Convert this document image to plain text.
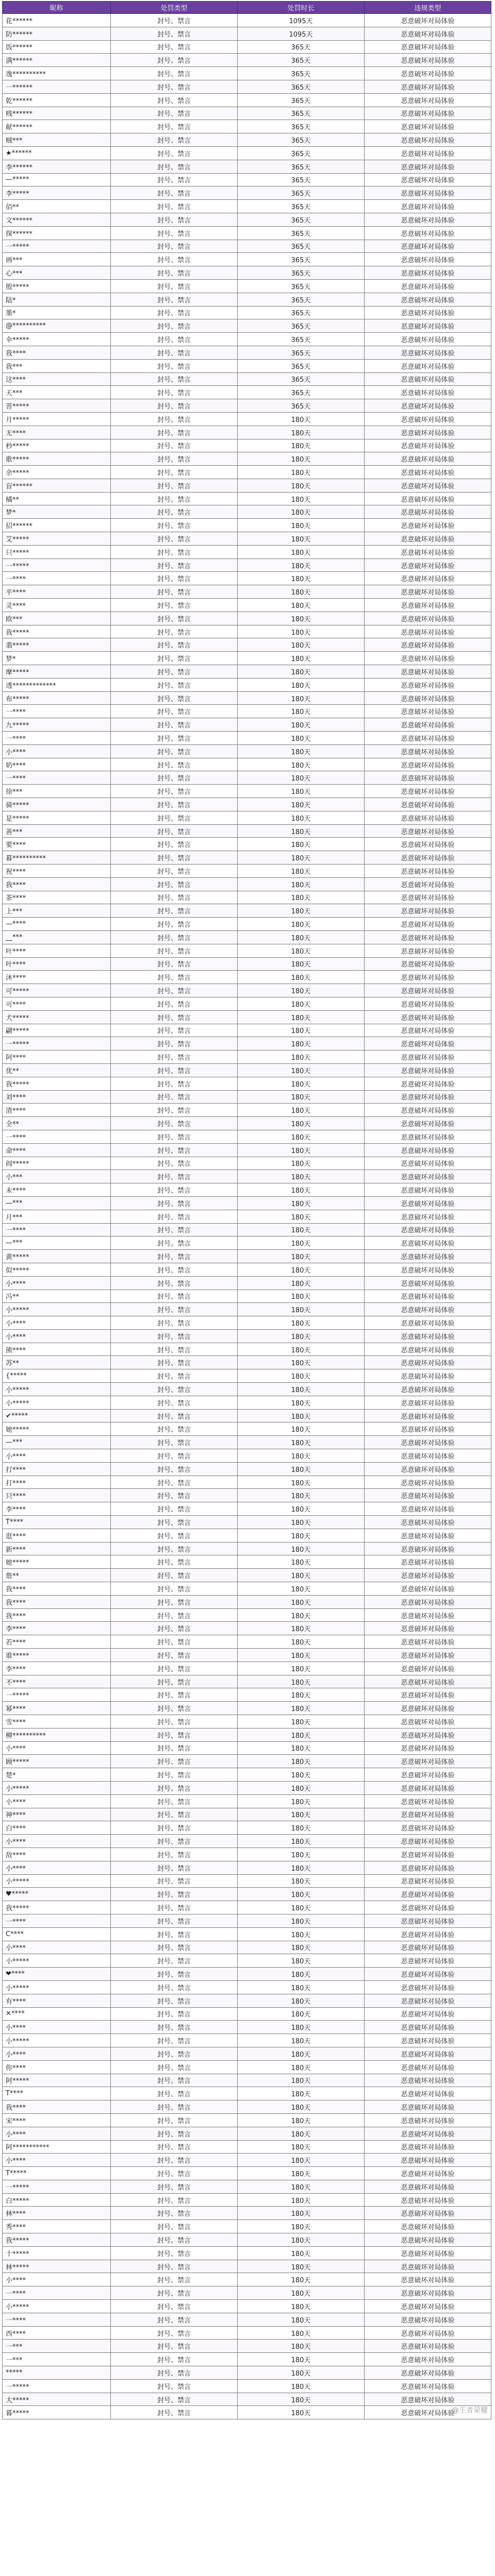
昵称	处罚类型	处罚时长	违规类型
花******	封号、禁言	1095天	恶意破坏对局体验
防******	封号、禁言	1095天	恶意破坏对局体验
饭******	封号、禁言	365天	恶意破坏对局体验
满******	封号、禁言	365天	恶意破坏对局体验
逸**********	封号、禁言	365天	恶意破坏对局体验
一******	封号、禁言	365天	恶意破坏对局体验
乾******	封号、禁言	365天	恶意破坏对局体验
贱******	封号、禁言	365天	恶意破坏对局体验
献******	封号、禁言	365天	恶意破坏对局体验
贼***	封号、禁言	365天	恶意破坏对局体验
★******	封号、禁言	365天	恶意破坏对局体验
李******	封号、禁言	365天	恶意破坏对局体验
—*****	封号、禁言	365天	恶意破坏对局体验
李*****	封号、禁言	365天	恶意破坏对局体验
佰**	封号、禁言	365天	恶意破坏对局体验
文******	封号、禁言	365天	恶意破坏对局体验
探******	封号、禁言	365天	恶意破坏对局体验
一*****	封号、禁言	365天	恶意破坏对局体验
画***	封号、禁言	365天	恶意破坏对局体验
心***	封号、禁言	365天	恶意破坏对局体验
殷*****	封号、禁言	365天	恶意破坏对局体验
陆*	封号、禁言	365天	恶意破坏对局体验
墨*	封号、禁言	365天	恶意破坏对局体验
@**********	封号、禁言	365天	恶意破坏对局体验
伞*****	封号、禁言	365天	恶意破坏对局体验
我****	封号、禁言	365天	恶意破坏对局体验
我***	封号、禁言	365天	恶意破坏对局体验
这****	封号、禁言	365天	恶意破坏对局体验
天***	封号、禁言	365天	恶意破坏对局体验
菩*****	封号、禁言	365天	恶意破坏对局体验
月*****	封号、禁言	180天	恶意破坏对局体验
无****	封号、禁言	180天	恶意破坏对局体验
秒*****	封号、禁言	180天	恶意破坏对局体验
歌*****	封号、禁言	180天	恶意破坏对局体验
余*****	封号、禁言	180天	恶意破坏对局体验
盲******	封号、禁言	180天	恶意破坏对局体验
橘**	封号、禁言	180天	恶意破坏对局体验
梦*	封号、禁言	180天	恶意破坏对局体验
招******	封号、禁言	180天	恶意破坏对局体验
艾*****	封号、禁言	180天	恶意破坏对局体验
只*****	封号、禁言	180天	恶意破坏对局体验
一*****	封号、禁言	180天	恶意破坏对局体验
一****	封号、禁言	180天	恶意破坏对局体验
平****	封号、禁言	180天	恶意破坏对局体验
灵****	封号、禁言	180天	恶意破坏对局体验
欧***	封号、禁言	180天	恶意破坏对局体验
我*****	封号、禁言	180天	恶意破坏对局体验
翡*****	封号、禁言	180天	恶意破坏对局体验
梦*	封号、禁言	180天	恶意破坏对局体验
摩*****	封号、禁言	180天	恶意破坏对局体验
透*************	封号、禁言	180天	恶意破坏对局体验
布*****	封号、禁言	180天	恶意破坏对局体验
一****	封号、禁言	180天	恶意破坏对局体验
九*****	封号、禁言	180天	恶意破坏对局体验
一****	封号、禁言	180天	恶意破坏对局体验
小****	封号、禁言	180天	恶意破坏对局体验
奶****	封号、禁言	180天	恶意破坏对局体验
一****	封号、禁言	180天	恶意破坏对局体验
徐***	封号、禁言	180天	恶意破坏对局体验
骑*****	封号、禁言	180天	恶意破坏对局体验
是*****	封号、禁言	180天	恶意破坏对局体验
善***	封号、禁言	180天	恶意破坏对局体验
要****	封号、禁言	180天	恶意破坏对局体验
暮**********	封号、禁言	180天	恶意破坏对局体验
祝****	封号、禁言	180天	恶意破坏对局体验
我****	封号、禁言	180天	恶意破坏对局体验
茶****	封号、禁言	180天	恶意破坏对局体验
上***	封号、禁言	180天	恶意破坏对局体验
—****	封号、禁言	180天	恶意破坏对局体验
__***	封号、禁言	180天	恶意破坏对局体验
叶****	封号、禁言	180天	恶意破坏对局体验
叶****	封号、禁言	180天	恶意破坏对局体验
沐****	封号、禁言	180天	恶意破坏对局体验
可*****	封号、禁言	180天	恶意破坏对局体验
可****	封号、禁言	180天	恶意破坏对局体验
犬*****	封号、禁言	180天	恶意破坏对局体验
翩*****	封号、禁言	180天	恶意破坏对局体验
一*****	封号、禁言	180天	恶意破坏对局体验
阿****	封号、禁言	180天	恶意破坏对局体验
优**	封号、禁言	180天	恶意破坏对局体验
我*****	封号、禁言	180天	恶意破坏对局体验
刘****	封号、禁言	180天	恶意破坏对局体验
渣****	封号、禁言	180天	恶意破坏对局体验
全**	封号、禁言	180天	恶意破坏对局体验
一****	封号、禁言	180天	恶意破坏对局体验
命****	封号、禁言	180天	恶意破坏对局体验
阎*****	封号、禁言	180天	恶意破坏对局体验
小***	封号、禁言	180天	恶意破坏对局体验
未****	封号、禁言	180天	恶意破坏对局体验
—***	封号、禁言	180天	恶意破坏对局体验
月***	封号、禁言	180天	恶意破坏对局体验
一****	封号、禁言	180天	恶意破坏对局体验
—***	封号、禁言	180天	恶意破坏对局体验
黄*****	封号、禁言	180天	恶意破坏对局体验
似*****	封号、禁言	180天	恶意破坏对局体验
小****	封号、禁言	180天	恶意破坏对局体验
冯**	封号、禁言	180天	恶意破坏对局体验
小*****	封号、禁言	180天	恶意破坏对局体验
小****	封号、禁言	180天	恶意破坏对局体验
小****	封号、禁言	180天	恶意破坏对局体验
熊****	封号、禁言	180天	恶意破坏对局体验
苏**	封号、禁言	180天	恶意破坏对局体验
{*****	封号、禁言	180天	恶意破坏对局体验
小*****	封号、禁言	180天	恶意破坏对局体验
小*****	封号、禁言	180天	恶意破坏对局体验
✔*****	封号、禁言	180天	恶意破坏对局体验
她*****	封号、禁言	180天	恶意破坏对局体验
—***	封号、禁言	180天	恶意破坏对局体验
小****	封号、禁言	180天	恶意破坏对局体验
打****	封号、禁言	180天	恶意破坏对局体验
打****	封号、禁言	180天	恶意破坏对局体验
只****	封号、禁言	180天	恶意破坏对局体验
李****	封号、禁言	180天	恶意破坏对局体验
T****	封号、禁言	180天	恶意破坏对局体验
逛****	封号、禁言	180天	恶意破坏对局体验
新****	封号、禁言	180天	恶意破坏对局体验
她*****	封号、禁言	180天	恶意破坏对局体验
詹**	封号、禁言	180天	恶意破坏对局体验
我****	封号、禁言	180天	恶意破坏对局体验
我****	封号、禁言	180天	恶意破坏对局体验
我****	封号、禁言	180天	恶意破坏对局体验
李****	封号、禁言	180天	恶意破坏对局体验
若****	封号、禁言	180天	恶意破坏对局体验
谁*****	封号、禁言	180天	恶意破坏对局体验
李****	封号、禁言	180天	恶意破坏对局体验
不****	封号、禁言	180天	恶意破坏对局体验
一*****	封号、禁言	180天	恶意破坏对局体验
幂****	封号、禁言	180天	恶意破坏对局体验
雪****	封号、禁言	180天	恶意破坏对局体验
柳**********	封号、禁言	180天	恶意破坏对局体验
小****	封号、禁言	180天	恶意破坏对局体验
顾*****	封号、禁言	180天	恶意破坏对局体验
楚*	封号、禁言	180天	恶意破坏对局体验
小*****	封号、禁言	180天	恶意破坏对局体验
小****	封号、禁言	180天	恶意破坏对局体验
神****	封号、禁言	180天	恶意破坏对局体验
白****	封号、禁言	180天	恶意破坏对局体验
小****	封号、禁言	180天	恶意破坏对局体验
敌****	封号、禁言	180天	恶意破坏对局体验
小****	封号、禁言	180天	恶意破坏对局体验
小*****	封号、禁言	180天	恶意破坏对局体验
♥*****	封号、禁言	180天	恶意破坏对局体验
我*****	封号、禁言	180天	恶意破坏对局体验
一****	封号、禁言	180天	恶意破坏对局体验
C****	封号、禁言	180天	恶意破坏对局体验
小****	封号、禁言	180天	恶意破坏对局体验
小*****	封号、禁言	180天	恶意破坏对局体验
❤****	封号、禁言	180天	恶意破坏对局体验
小*****	封号、禁言	180天	恶意破坏对局体验
有****	封号、禁言	180天	恶意破坏对局体验
✕****	封号、禁言	180天	恶意破坏对局体验
小****	封号、禁言	180天	恶意破坏对局体验
小*****	封号、禁言	180天	恶意破坏对局体验
小****	封号、禁言	180天	恶意破坏对局体验
你****	封号、禁言	180天	恶意破坏对局体验
阿*****	封号、禁言	180天	恶意破坏对局体验
T****	封号、禁言	180天	恶意破坏对局体验
我****	封号、禁言	180天	恶意破坏对局体验
宋****	封号、禁言	180天	恶意破坏对局体验
小****	封号、禁言	180天	恶意破坏对局体验
阿***********	封号、禁言	180天	恶意破坏对局体验
小****	封号、禁言	180天	恶意破坏对局体验
T*****	封号、禁言	180天	恶意破坏对局体验
一*****	封号、禁言	180天	恶意破坏对局体验
白*****	封号、禁言	180天	恶意破坏对局体验
林****	封号、禁言	180天	恶意破坏对局体验
秀****	封号、禁言	180天	恶意破坏对局体验
我*****	封号、禁言	180天	恶意破坏对局体验
十*****	封号、禁言	180天	恶意破坏对局体验
林*****	封号、禁言	180天	恶意破坏对局体验
小****	封号、禁言	180天	恶意破坏对局体验
一****	封号、禁言	180天	恶意破坏对局体验
小*****	封号、禁言	180天	恶意破坏对局体验
一****	封号、禁言	180天	恶意破坏对局体验
西****	封号、禁言	180天	恶意破坏对局体验
一***	封号、禁言	180天	恶意破坏对局体验
一***	封号、禁言	180天	恶意破坏对局体验
*****	封号、禁言	180天	恶意破坏对局体验
一*****	封号、禁言	180天	恶意破坏对局体验
大*****	封号、禁言	180天	恶意破坏对局体验
暮*****	封号、禁言	180天	恶意破坏对局体验
@王者荣耀
